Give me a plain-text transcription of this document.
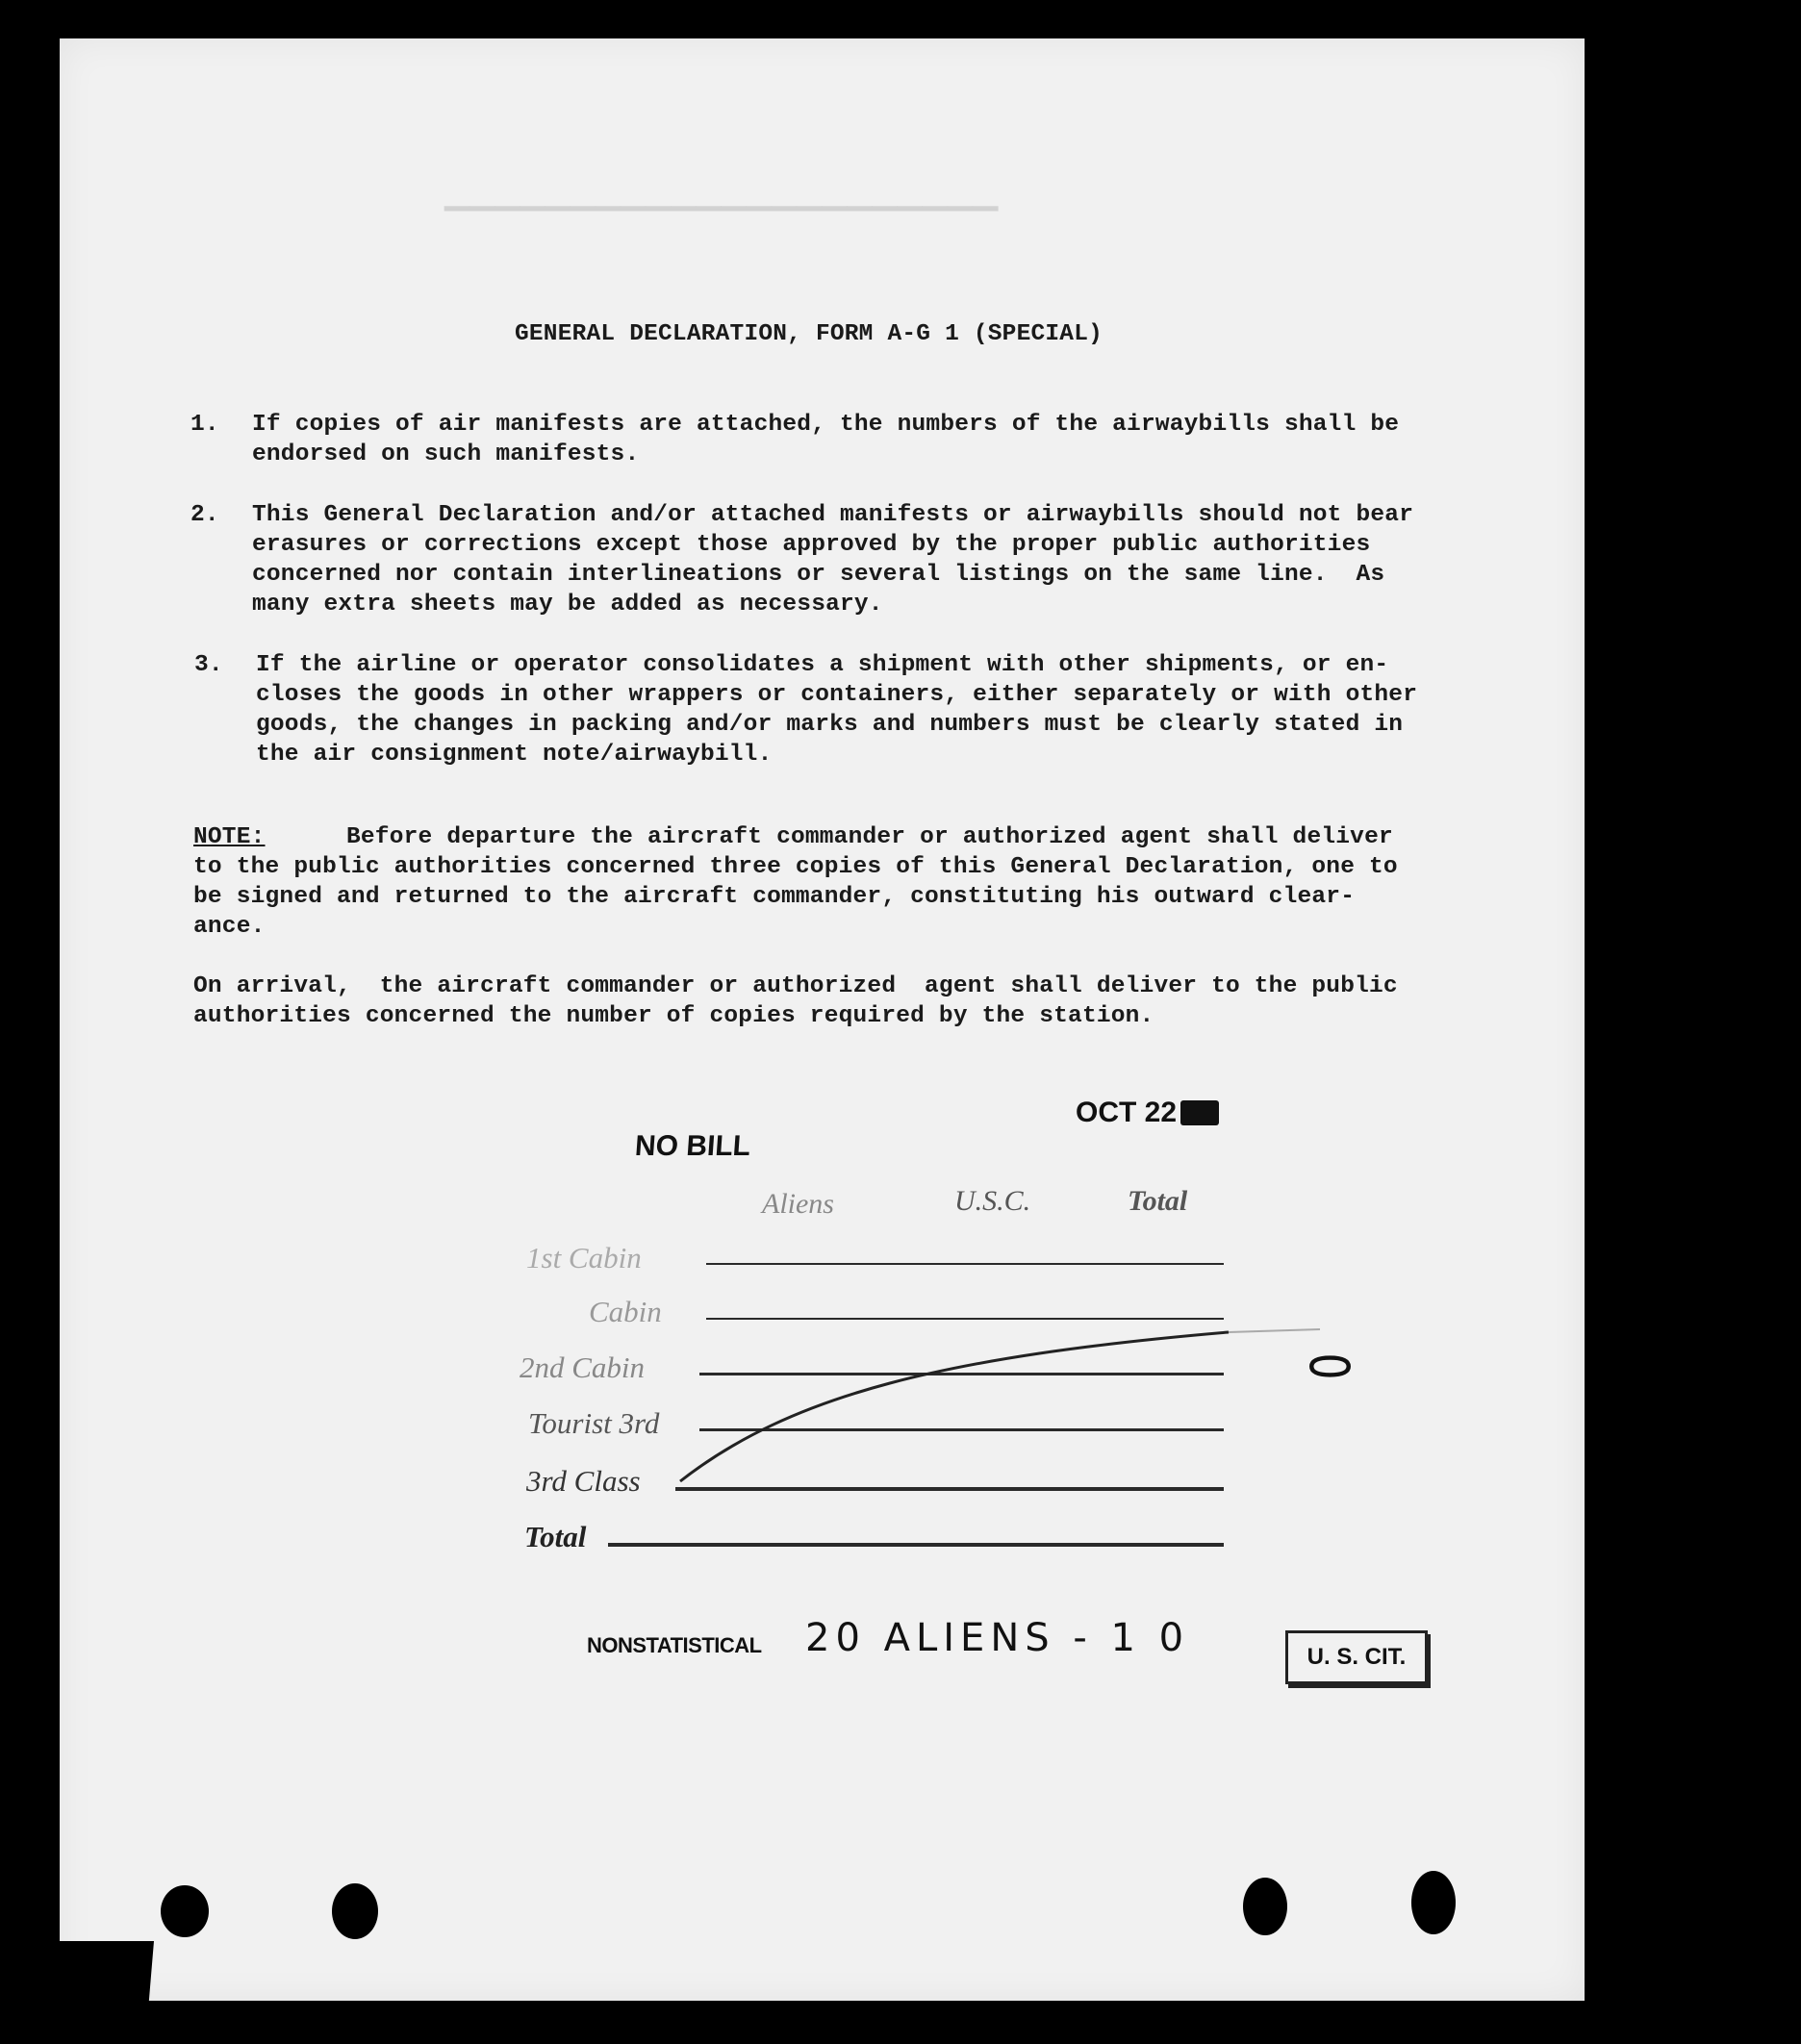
▁▁▁▁▁▁▁▁▁▁▁▁▁▁▁▁▁▁▁▁▁▁
GENERAL DECLARATION, FORM A-G 1 (SPECIAL)
1. If copies of air manifests are attached, the numbers of the airwaybills shall be
endorsed on such manifests.
2. This General Declaration and/or attached manifests or airwaybills should not bear
erasures or corrections except those approved by the proper public authorities
concerned nor contain interlineations or several listings on the same line.  As
many extra sheets may be added as necessary.
3. If the airline or operator consolidates a shipment with other shipments, or en-
closes the goods in other wrappers or containers, either separately or with other
goods, the changes in packing and/or marks and numbers must be clearly stated in
the air consignment note/airwaybill.
NOTE:	Before departure the aircraft commander or authorized agent shall deliver
to the public authorities concerned three copies of this General Declaration, one to
be signed and returned to the aircraft commander, constituting his outward clear-
ance.
On arrival,  the aircraft commander or authorized  agent shall deliver to the public
authorities concerned the number of copies required by the station.
NO BILL
OCT 22
Aliens	U.S.C.	Total
1st Cabin
Cabin
2nd Cabin
Tourist 3rd
3rd Class
Total
0
NONSTATISTICAL 20 ALIENS - 1 0	U. S. CIT.
